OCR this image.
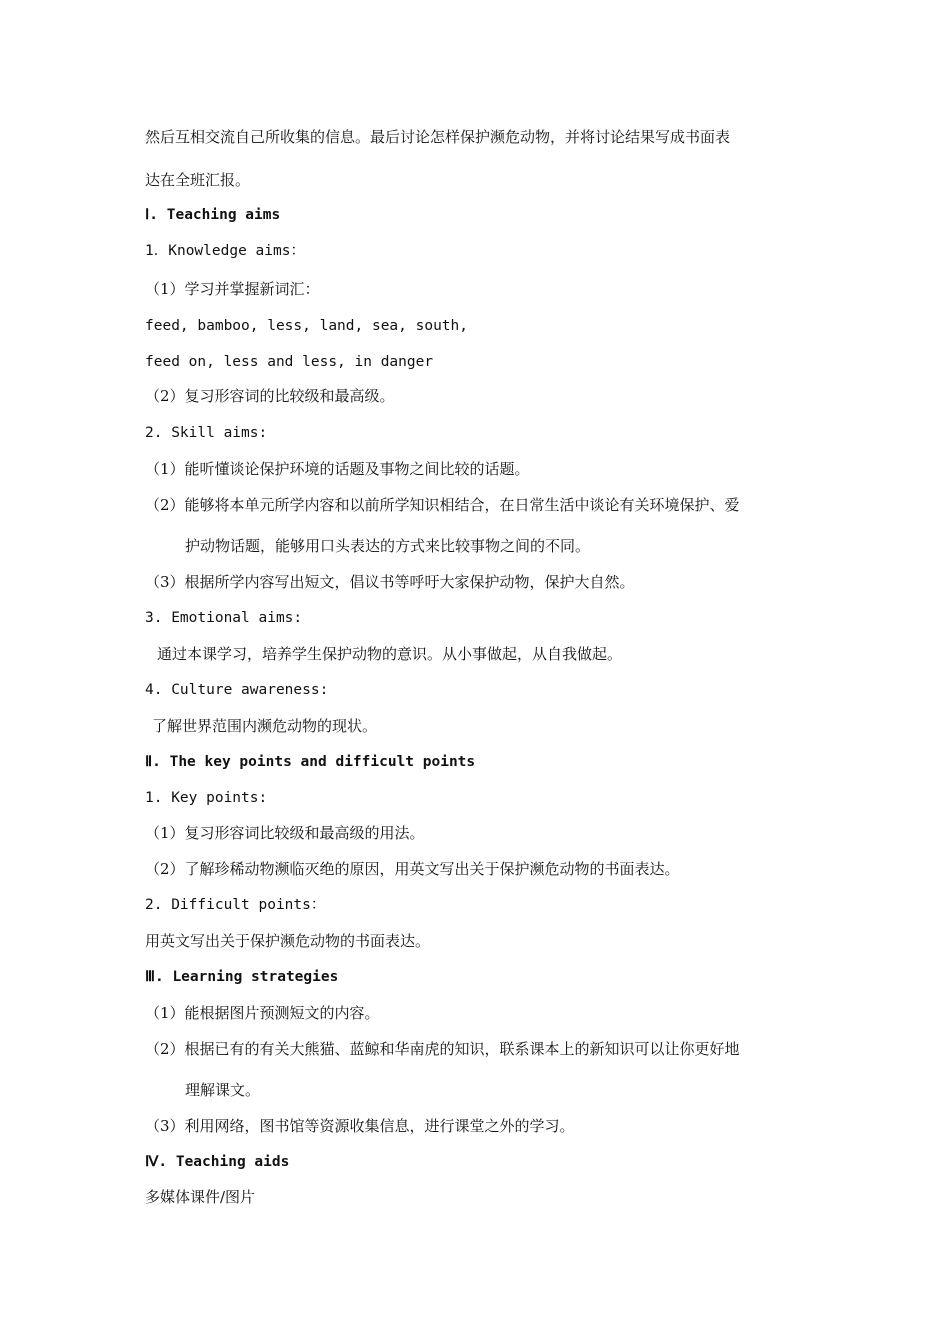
然后互相交流自己所收集的信息。最后讨论怎样保护濒危动物，并将讨论结果写成书面表
达在全班汇报。
Ⅰ. Teaching aims
1．Knowledge aims：
（1）学习并掌握新词汇：
feed, bamboo, less, land, sea, south,
feed on, less and less, in danger
（2）复习形容词的比较级和最高级。
2. Skill aims:
（1）能听懂谈论保护环境的话题及事物之间比较的话题。
（2）能够将本单元所学内容和以前所学知识相结合，在日常生活中谈论有关环境保护、爱
护动物话题，能够用口头表达的方式来比较事物之间的不同。
（3）根据所学内容写出短文，倡议书等呼吁大家保护动物，保护大自然。
3. Emotional aims:
通过本课学习，培养学生保护动物的意识。从小事做起，从自我做起。
4. Culture awareness:
了解世界范围内濒危动物的现状。
Ⅱ. The key points and difficult points
1. Key points:
（1）复习形容词比较级和最高级的用法。
（2）了解珍稀动物濒临灭绝的原因，用英文写出关于保护濒危动物的书面表达。
2. Difficult points：
用英文写出关于保护濒危动物的书面表达。
Ⅲ. Learning strategies
（1）能根据图片预测短文的内容。
（2）根据已有的有关大熊猫、蓝鲸和华南虎的知识，联系课本上的新知识可以让你更好地
理解课文。
（3）利用网络，图书馆等资源收集信息，进行课堂之外的学习。
Ⅳ. Teaching aids
多媒体课件/图片
